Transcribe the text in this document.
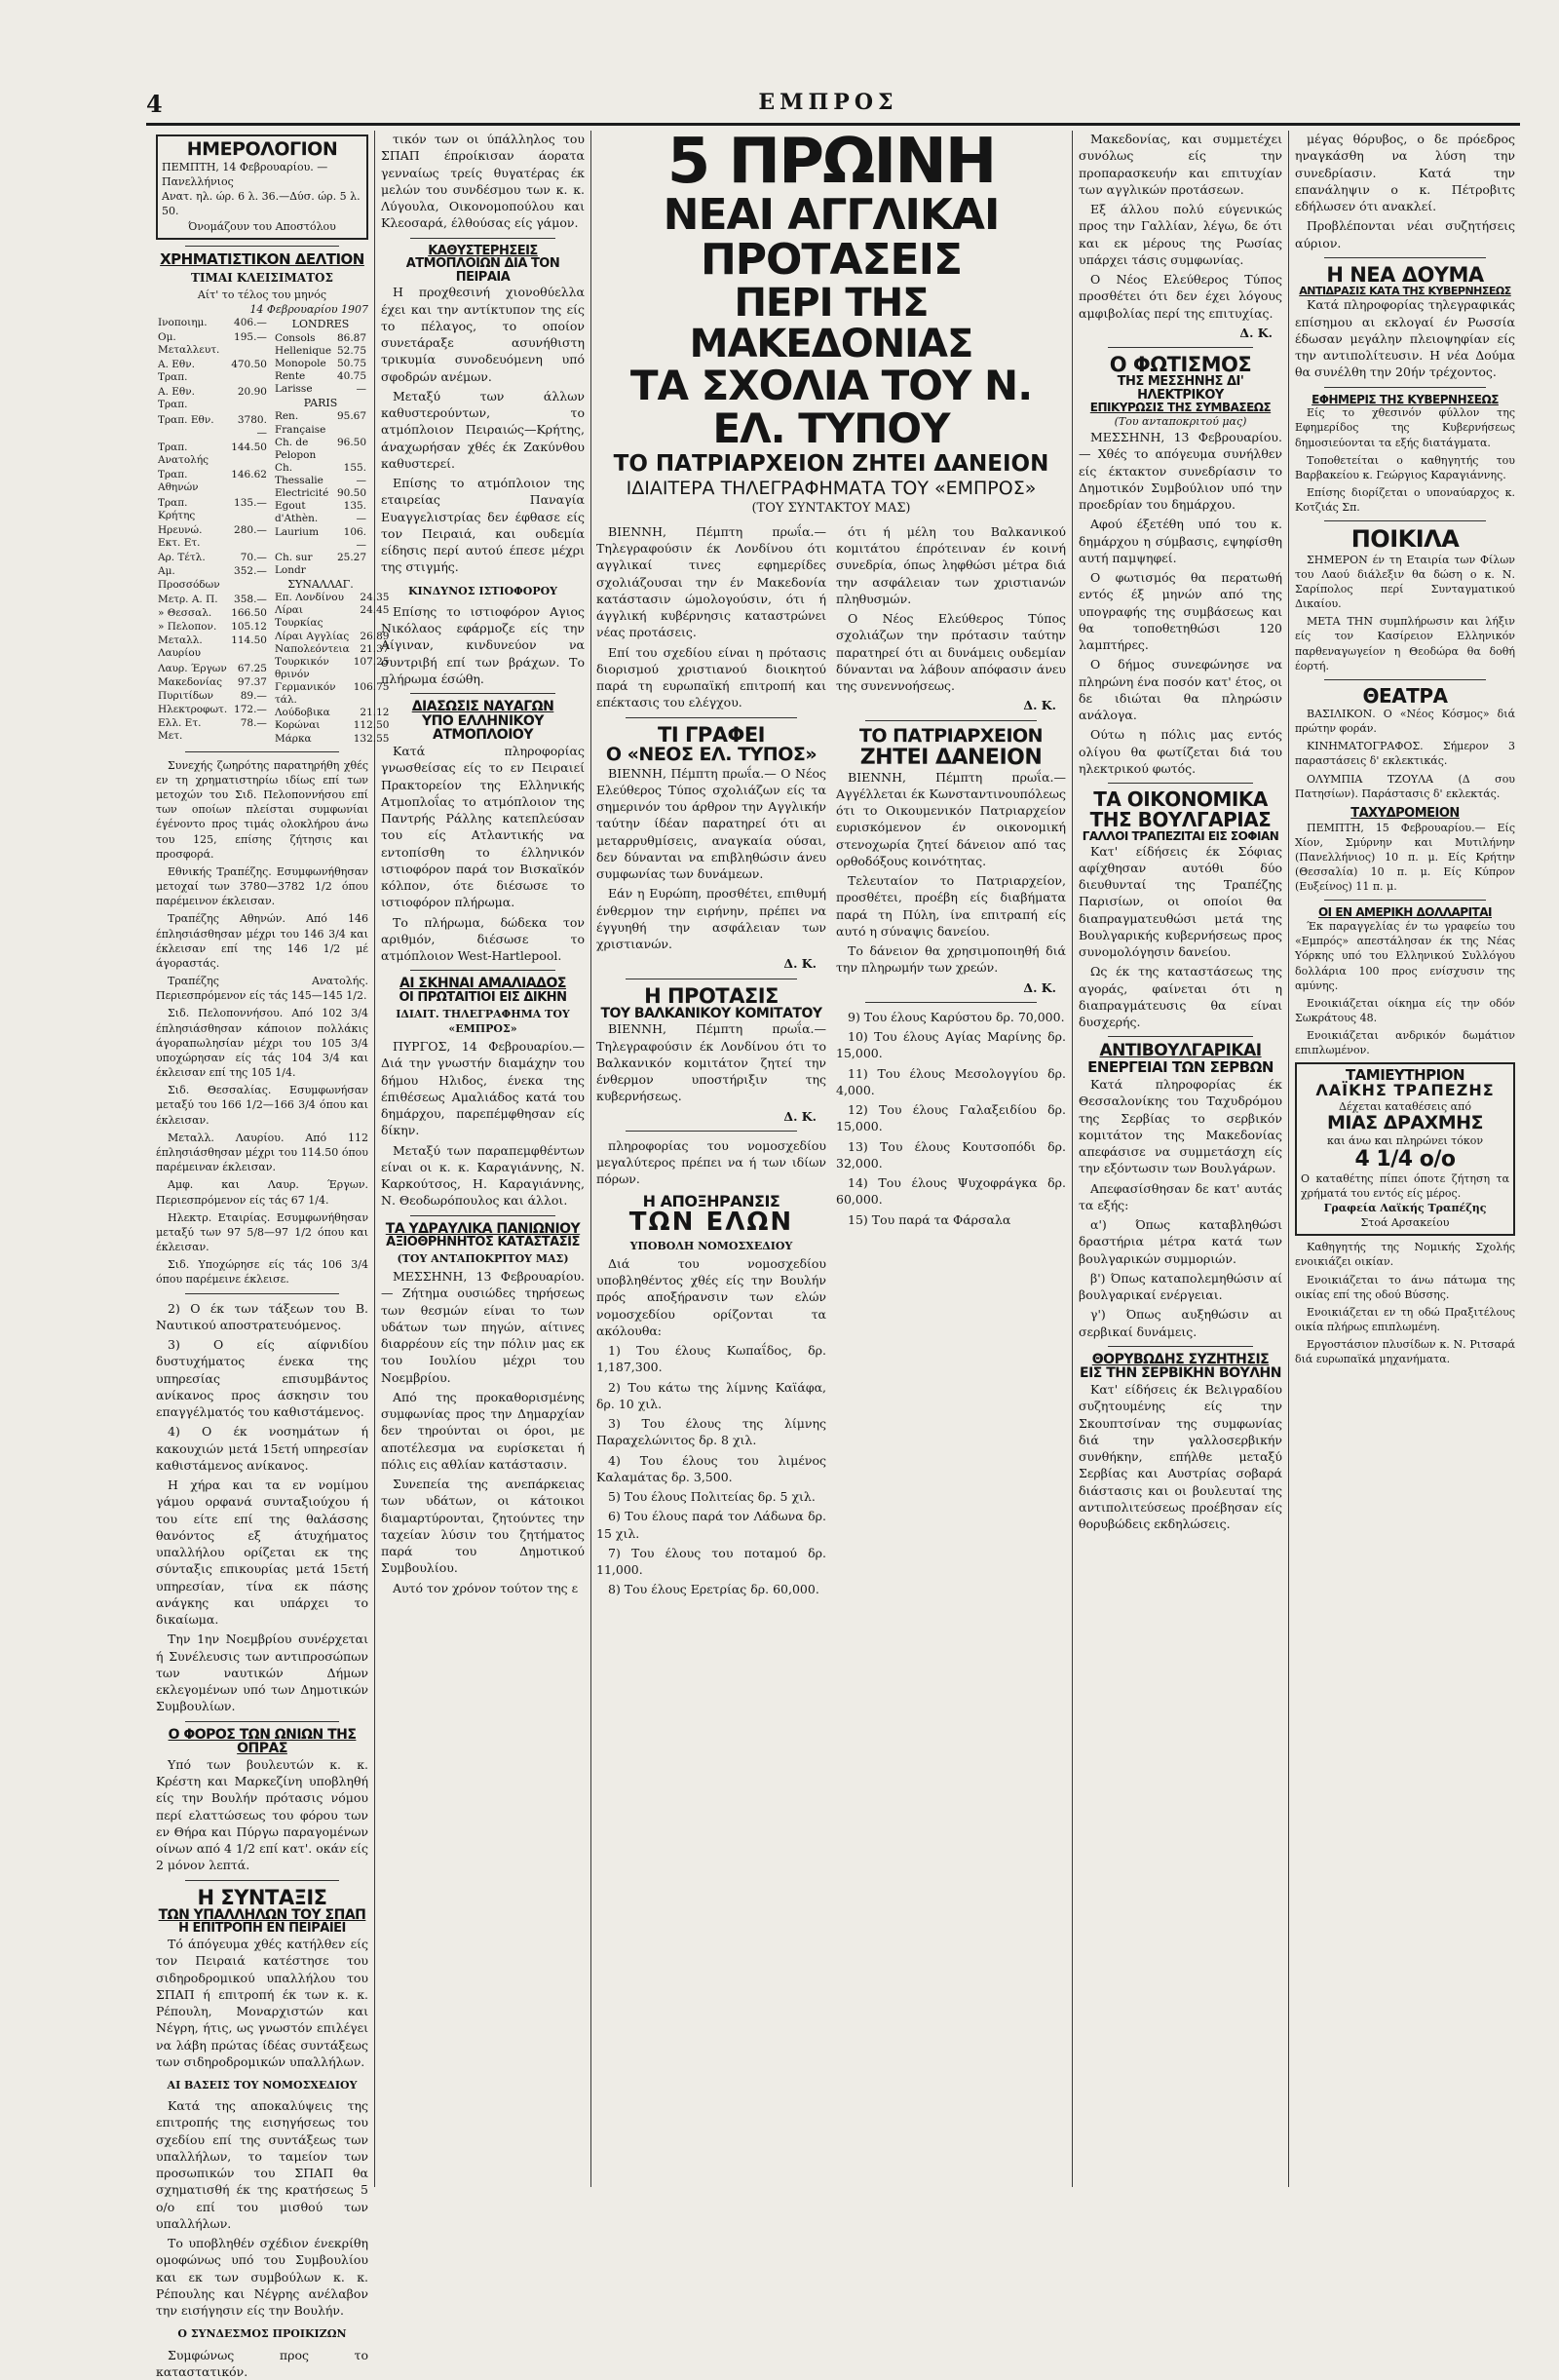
4	ΕΜΠΡΟΣ
ΗΜΕΡΟΛΟΓΙΟΝ
ΠΕΜΠΤΗ, 14 Φεβρουαρίου. — Πανελλήνιος
Ανατ. ηλ. ώρ. 6 λ. 36.—Δύσ. ώρ. 5 λ. 50.
Όνομάζουν του Αποστόλου
ΧΡΗΜΑΤΙΣΤΙΚΟΝ ΔΕΛΤΙΟΝ
ΤΙΜΑΙ ΚΛΕΙΣΙΜΑΤΟΣ
Αίτ' το τέλος του μηνός
14 Φεβρουαρίου 1907
Ινοποιημ.	406.—
Ομ. Μεταλλευτ.	195.—
Α. Εθν. Τραπ.	470.50
Α. Εθν. Τραπ.	20.90
Τραπ. Εθν.	3780.—
Τραπ. Ανατολής	144.50
Τραπ. Αθηνών	146.62
Τραπ. Κρήτης	135.—
Ηρευνώ. Εκτ. Ετ.	280.—
Αρ. Τέτλ.	70.—
Αμ. Προσσόδων	352.—
Μετρ. Α. Π.	358.—
» Θεσσαλ.	166.50
» Πελοπον.	105.12
Μεταλλ. Λαυρίου	114.50
Λαυρ. Έργων	67.25
Μακεδονίας	97.37
Πυριτίδων	89.—
Ηλεκτροφωτ.	172.—
Ελλ. Ετ. Μετ.	78.—
LONDRES
Consols	86.87
Hellenique	52.75
Monopole	50.75
Rente	40.75
Larisse	—
PARIS
Ren. Française	95.67
Ch. de Pelopon	96.50
Ch. Thessalie	155.—
Electricité	90.50
Egout d'Athèn.	135.—
Laurium	106.—
Ch. sur Londr	25.27
ΣΥΝΑΛΛΑΓ.
Επ. Λονδίνου	24.35
Λίραι Τουρκίας	24.45
Λίραι Αγγλίας	26.89
Ναπολεόντεια	21.37
Τουρκικόν θρινόν	107.25
Γερμανικόν τάλ.	106.75
Λούδοβικα	21.12
Κορώναι	112.50
Μάρκα	132.55

Συνεχής ζωηρότης παρατηρήθη χθές εν τη χρηματιστηρίω ιδίως επί των μετοχών του Σιδ. Πελοποννήσου επί των οποίων πλείσται συμφωνίαι έγένοντο προς τιμάς ολοκλήρου άνω του 125, επίσης ζήτησις και προσφορά.

Εθνικής Τραπέζης. Εσυμφωνήθησαν μετοχαί των 3780—3782 1/2 όπου παρέμεινον έκλεισαν.

Τραπέζης Αθηνών. Από 146 έπλησιάσθησαν μέχρι του 146 3/4 και έκλεισαν επί της 146 1/2 μέ άγοραστάς.

Τραπέζης Ανατολής. Περιεσπρόμενον είς τάς 145—145 1/2.

Σιδ. Πελοποννήσου. Από 102 3/4 έπλησιάσθησαν κάποιον πολλάκις άγοραπωλησίαν μέχρι του 105 3/4 υποχώρησαν είς τάς 104 3/4 και έκλεισαν επί της 105 1/4.

Σιδ. Θεσσαλίας. Εσυμφωνήσαν μεταξύ του 166 1/2—166 3/4 όπου και έκλεισαν.

Μεταλλ. Λαυρίου. Από 112 έπλησιάσθησαν μέχρι του 114.50 όπου παρέμειναν έκλεισαν.

Αμφ. και Λαυρ. Έργων. Περιεσπρόμενον είς τάς 67 1/4.

Ηλεκτρ. Εταιρίας. Εσυμφωνήθησαν μεταξύ των 97 5/8—97 1/2 όπου και έκλεισαν.

Σιδ. Υποχώρησε είς τάς 106 3/4 όπου παρέμεινε έκλεισε.

2) Ο έκ των τάξεων του Β. Ναυτικού αποστρατευόμενος.

3) Ο είς αίφνιδίου δυστυχήματος ένεκα της υπηρεσίας επισυμβάντος ανίκανος προς άσκησιν του επαγγέλματός του καθιστάμενος.

4) Ο έκ νοσημάτων ή κακουχιών μετά 15ετή υπηρεσίαν καθιστάμενος ανίκανος.

Η χήρα και τα εν νομίμου γάμου ορφανά συνταξιούχου ή του είτε επί της θαλάσσης θανόντος εξ άτυχήματος υπαλλήλου ορίζεται εκ της σύνταξις επικουρίας μετά 15ετή υπηρεσίαν, τίνα εκ πάσης ανάγκης και υπάρχει το δικαίωμα.

Την 1ην Νοεμβρίου συνέρχεται ή Συνέλευσις των αντιπροσώπων των ναυτικών Δήμων εκλεγομένων υπό των Δημοτικών Συμβουλίων.

Ο ΦΟΡΟΣ ΤΩΝ ΩΝΙΩΝ ΤΗΣ ΟΠΡΑΣ

Υπό των βουλευτών κ. κ. Κρέστη και Μαρκεζίνη υποβληθή είς την Βουλήν πρότασις νόμου περί ελαττώσεως του φόρου των εν Θήρα και Πύργω παραγομένων οίνων από 4 1/2 επί κατ'. οκάν είς 2 μόνον λεπτά.

Η ΣΥΝΤΑΞΙΣ
ΤΩΝ ΥΠΑΛΛΗΛΩΝ ΤΟΥ ΣΠΑΠ
Η ΕΠΙΤΡΟΠΗ ΕΝ ΠΕΙΡΑΙΕΙ

Τό άπόγευμα χθές κατήλθεν είς τον Πειραιά κατέστησε του σιδηροδρομικού υπαλλήλου του ΣΠΑΠ ή επιτροπή έκ των κ. κ. Ρέπουλη, Μοναρχιστών και Νέγρη, ήτις, ως γνωστόν επιλέγει να λάβη πρώτας ίδέας συντάξεως των σιδηροδρομικών υπαλλήλων.

ΑΙ ΒΑΣΕΙΣ ΤΟΥ ΝΟΜΟΣΧΕΔΙΟΥ

Κατά της αποκαλύψεις της επιτροπής της εισηγήσεως του σχεδίου επί της συντάξεως των υπαλλήλων, το ταμείον των προσωπικών του ΣΠΑΠ θα σχηματισθή έκ της κρατήσεως 5 ο/ο επί του μισθού των υπαλλήλων.

Το υποβληθέν σχέδιον ένεκρίθη ομοφώνως υπό του Συμβουλίου και εκ των συμβούλων κ. κ. Ρέπουλης και Νέγρης ανέλαβον την εισήγησιν είς την Βουλήν.

Ο ΣΥΝΔΕΣΜΟΣ ΠΡΟΙΚΙΖΩΝ

Συμφώνως προς το καταστατικόν.

τικόν των οι ύπάλληλος του ΣΠΑΠ έπροίκισαν άορατα γενναίως τρείς θυγατέρας έκ μελών του συνδέσμου των κ. κ. Λύγουλα, Οικονομοπούλου και Κλεοσαρά, έλθούσας είς γάμον.

ΚΑΘΥΣΤΕΡΗΣΕΙΣ
ΑΤΜΟΠΛΟΙΩΝ ΔΙΑ ΤΟΝ ΠΕΙΡΑΙΑ

Η προχθεσινή χιονοθύελλα έχει και την αντίκτυπον της είς το πέλαγος, το οποίον συνετάραξε ασυνήθιστη τρικυμία συνοδευόμενη υπό σφοδρών ανέμων.

Μεταξύ των άλλων καθυστερούντων, το ατμόπλοιον Πειραιώς—Κρήτης, άναχωρήσαν χθές έκ Ζακύνθου καθυστερεί.

Επίσης το ατμόπλοιον της εταιρείας Παναγία Ευαγγελιστρίας δεν έφθασε είς τον Πειραιά, και ουδεμία είδησις περί αυτού έπεσε μέχρι της στιγμής.

ΚΙΝΔΥΝΟΣ ΙΣΤΙΟΦΟΡΟΥ

Επίσης το ιστιοφόρον Αγιος Νικόλαος εφάρμοζε είς την Αίγιναν, κινδυνεύον να συντριβή επί των βράχων. Το πλήρωμα έσώθη.

ΔΙΑΣΩΣΙΣ ΝΑΥΑΓΩΝ
ΥΠΟ ΕΛΛΗΝΙΚΟΥ ΑΤΜΟΠΛΟΙΟΥ

Κατά πληροφορίας γνωσθείσας είς το εν Πειραιεί Πρακτορείον της Ελληνικής Ατμοπλοΐας το ατμόπλοιον της Παντρής Ράλλης κατεπλεύσαν του είς Ατλαντικής να εντοπίσθη το έλληνικόν ιστιοφόρον παρά τον Βισκαϊκόν κόλπον, ότε διέσωσε το ιστιοφόρον πλήρωμα.

Το πλήρωμα, δώδεκα τον αριθμόν, διέσωσε το ατμόπλοιον West-Hartlepool.

ΑΙ ΣΚΗΝΑΙ ΑΜΑΛΙΑΔΟΣ
ΟΙ ΠΡΩΤΑΙΤΙΟΙ ΕΙΣ ΔΙΚΗΝ
ΙΔΙΑΙΤ. ΤΗΛΕΓΡΑΦΗΜΑ ΤΟΥ «ΕΜΠΡΟΣ»

ΠΥΡΓΟΣ, 14 Φεβρουαρίου.— Διά την γνωστήν διαμάχην του δήμου Ηλιδος, ένεκα της έπιθέσεως Αμαλιάδος κατά του δημάρχου, παρεπέμφθησαν είς δίκην.

Μεταξύ των παραπεμφθέντων είναι οι κ. κ. Καραγιάννης, Ν. Καρκούτσος, Η. Καραγιάννης, Ν. Θεοδωρόπουλος και άλλοι.

ΤΑ ΥΔΡΑΥΛΙΚΑ ΠΑΝΙΩΝΙΟΥ
ΑΞΙΟΘΡΗΝΗΤΟΣ ΚΑΤΑΣΤΑΣΙΣ
(ΤΟΥ ΑΝΤΑΠΟΚΡΙΤΟΥ ΜΑΣ)

ΜΕΣΣΗΝΗ, 13 Φεβρουαρίου.— Ζήτημα ουσιώδες τηρήσεως των θεσμών είναι το των υδάτων των πηγών, αίτινες διαρρέουν είς την πόλιν μας εκ του Ιουλίου μέχρι του Νοεμβρίου.

Από της προκαθορισμένης συμφωνίας προς την Δημαρχίαν δεν τηρούνται οι όροι, με αποτέλεσμα να ευρίσκεται ή πόλις εις αθλίαν κατάστασιν.

Συνεπεία της ανεπάρκειας των υδάτων, οι κάτοικοι διαμαρτύρονται, ζητούντες την ταχείαν λύσιν του ζητήματος παρά του Δημοτικού Συμβουλίου.

Αυτό τον χρόνον τούτον της ε

5 ΠΡΩΙΝΗ
ΝΕΑΙ ΑΓΓΛΙΚΑΙ ΠΡΟΤΑΣΕΙΣ
ΠΕΡΙ ΤΗΣ ΜΑΚΕΔΟΝΙΑΣ
ΤΑ ΣΧΟΛΙΑ ΤΟΥ Ν. ΕΛ. ΤΥΠΟΥ
ΤΟ ΠΑΤΡΙΑΡΧΕΙΟΝ ΖΗΤΕΙ ΔΑΝΕΙΟΝ
ΙΔΙΑΙΤΕΡΑ ΤΗΛΕΓΡΑΦΗΜΑΤΑ ΤΟΥ «ΕΜΠΡΟΣ»
(ΤΟΥ ΣΥΝΤΑΚΤΟΥ ΜΑΣ)

ΒΙΕΝΝΗ, Πέμπτη πρωΐα.— Τηλεγραφούσιν έκ Λονδίνου ότι αγγλικαί τινες εφημερίδες σχολιάζουσαι την έν Μακεδονία κατάστασιν ώμολογούσιν, ότι ή άγγλική κυβέρνησις καταστρώνει νέας προτάσεις.

Επί του σχεδίου είναι η πρότασις διορισμού χριστιανού διοικητού παρά τη ευρωπαϊκή επιτροπή και επέκτασις του ελέγχου.

ΤΙ ΓΡΑΦΕΙ
Ο «ΝΕΟΣ ΕΛ. ΤΥΠΟΣ»

ΒΙΕΝΝΗ, Πέμπτη πρωΐα.— Ο Νέος Ελεύθερος Τύπος σχολιάζων είς τα σημερινόν του άρθρον την Αγγλικήν ταύτην ίδέαν παρατηρεί ότι αι μεταρρυθμίσεις, αναγκαία ούσαι, δεν δύνανται να επιβληθώσιν άνευ συμφωνίας των δυνάμεων.

Εάν η Ευρώπη, προσθέτει, επιθυμή ένθερμον την ειρήνην, πρέπει να έγγυηθή την ασφάλειαν των χριστιανών.

Δ. Κ.
Η ΠΡΟΤΑΣΙΣ
ΤΟΥ ΒΑΛΚΑΝΙΚΟΥ ΚΟΜΙΤΑΤΟΥ

ΒΙΕΝΝΗ, Πέμπτη πρωΐα.— Τηλεγραφούσιν έκ Λονδίνου ότι το Βαλκανικόν κομιτάτον ζητεί την ένθερμον υποστήριξιν της κυβερνήσεως.

Δ. Κ.

πληροφορίας του νομοσχεδίου μεγαλύτερος πρέπει να ή των ιδίων πόρων.

Η ΑΠΟΞΗΡΑΝΣΙΣ
ΤΩΝ ΕΛΩΝ
ΥΠΟΒΟΛΗ ΝΟΜΟΣΧΕΔΙΟΥ

Διά του νομοσχεδίου υποβληθέντος χθές είς την Βουλήν πρός αποξήρανσιν των ελών νομοσχεδίου ορίζονται τα ακόλουθα:

1) Του έλους Κωπαΐδος, δρ. 1,187,300.

2) Του κάτω της λίμνης Καϊάφα, δρ. 10 χιλ.

3) Του έλους της λίμνης Παραχελώνιτος δρ. 8 χιλ.

4) Του έλους του λιμένος Καλαμάτας δρ. 3,500.

5) Του έλους Πολιτείας δρ. 5 χιλ.

6) Του έλους παρά τον Λάδωνα δρ. 15 χιλ.

7) Του έλους του ποταμού δρ. 11,000.

8) Του έλους Ερετρίας δρ. 60,000.

ότι ή μέλη του Βαλκανικού κομιτάτου έπρότειναν έν κοινή συνεδρία, όπως ληφθώσι μέτρα διά την ασφάλειαν των χριστιανών πληθυσμών.

Ο Νέος Ελεύθερος Τύπος σχολιάζων την πρότασιν ταύτην παρατηρεί ότι αι δυνάμεις ουδεμίαν δύνανται να λάβουν απόφασιν άνευ της συνεννοήσεως.

Δ. Κ.
ΤΟ ΠΑΤΡΙΑΡΧΕΙΟΝ
ΖΗΤΕΙ ΔΑΝΕΙΟΝ

ΒΙΕΝΝΗ, Πέμπτη πρωΐα.— Αγγέλλεται έκ Κωνσταντινουπόλεως ότι το Οικουμενικόν Πατριαρχείον ευρισκόμενον έν οικονομική στενοχωρία ζητεί δάνειον από τας ορθοδόξους κοινότητας.

Τελευταίον το Πατριαρχείον, προσθέτει, προέβη είς διαβήματα παρά τη Πύλη, ίνα επιτραπή είς αυτό η σύναψις δανείου.

Το δάνειον θα χρησιμοποιηθή διά την πληρωμήν των χρεών.

Δ. Κ.

9) Του έλους Καρύστου δρ. 70,000.

10) Του έλους Αγίας Μαρίνης δρ. 15,000.

11) Του έλους Μεσολογγίου δρ. 4,000.

12) Του έλους Γαλαξειδίου δρ. 15,000.

13) Του έλους Κουτσοπόδι δρ. 32,000.

14) Του έλους Ψυχοφράγκα δρ. 60,000.

15) Του παρά τα Φάρσαλα

Μακεδονίας, και συμμετέχει συνόλως είς την προπαρασκευήν και επιτυχίαν των αγγλικών προτάσεων.

Εξ άλλου πολύ εύγενικώς προς την Γαλλίαν, λέγω, δε ότι και εκ μέρους της Ρωσίας υπάρχει τάσις συμφωνίας.

Ο Νέος Ελεύθερος Τύπος προσθέτει ότι δεν έχει λόγους αμφιβολίας περί της επιτυχίας.

Δ. Κ.
Ο ΦΩΤΙΣΜΟΣ
ΤΗΣ ΜΕΣΣΗΝΗΣ ΔΙ' ΗΛΕΚΤΡΙΚΟΥ
ΕΠΙΚΥΡΩΣΙΣ ΤΗΣ ΣΥΜΒΑΣΕΩΣ
(Του ανταποκριτού μας)

ΜΕΣΣΗΝΗ, 13 Φεβρουαρίου.— Χθές το απόγευμα συνήλθεν είς έκτακτον συνεδρίασιν το Δημοτικόν Συμβούλιον υπό την προεδρίαν του δημάρχου.

Αφού έξετέθη υπό του κ. δημάρχου η σύμβασις, εψηφίσθη αυτή παμψηφεί.

Ο φωτισμός θα περατωθή εντός έξ μηνών από της υπογραφής της συμβάσεως και θα τοποθετηθώσι 120 λαμπτήρες.

Ο δήμος συνεφώνησε να πληρώνη ένα ποσόν κατ' έτος, οι δε ιδιώται θα πληρώσιν ανάλογα.

Ούτω η πόλις μας εντός ολίγου θα φωτίζεται διά του ηλεκτρικού φωτός.

ΤΑ ΟΙΚΟΝΟΜΙΚΑ
ΤΗΣ ΒΟΥΛΓΑΡΙΑΣ
ΓΑΛΛΟΙ ΤΡΑΠΕΖΙΤΑΙ ΕΙΣ ΣΟΦΙΑΝ

Κατ' είδήσεις έκ Σόφιας αφίχθησαν αυτόθι δύο διευθυνταί της Τραπέζης Παρισίων, οι οποίοι θα διαπραγματευθώσι μετά της Βουλγαρικής κυβερνήσεως προς συνομολόγησιν δανείου.

Ως έκ της καταστάσεως της αγοράς, φαίνεται ότι η διαπραγμάτευσις θα είναι δυσχερής.

ΑΝΤΙΒΟΥΛΓΑΡΙΚΑΙ
ΕΝΕΡΓΕΙΑΙ ΤΩΝ ΣΕΡΒΩΝ

Κατά πληροφορίας έκ Θεσσαλονίκης του Ταχυδρόμου της Σερβίας το σερβικόν κομιτάτον της Μακεδονίας απεφάσισε να συμμετάσχη είς την εξόντωσιν των Βουλγάρων.

Απεφασίσθησαν δε κατ' αυτάς τα εξής:

α') Όπως καταβληθώσι δραστήρια μέτρα κατά των βουλγαρικών συμμοριών.

β') Όπως καταπολεμηθώσιν αί βουλγαρικαί ενέργειαι.

γ') Όπως αυξηθώσιν αι σερβικαί δυνάμεις.

ΘΟΡΥΒΩΔΗΣ ΣΥΖΗΤΗΣΙΣ
ΕΙΣ ΤΗΝ ΣΕΡΒΙΚΗΝ ΒΟΥΛΗΝ

Κατ' είδήσεις έκ Βελιγραδίου συζητουμένης είς την Σκουπτσίναν της συμφωνίας διά την γαλλοσερβικήν συνθήκην, επήλθε μεταξύ Σερβίας και Αυστρίας σοβαρά διάστασις και οι βουλευταί της αντιπολιτεύσεως προέβησαν είς θορυβώδεις εκδηλώσεις.

μέγας θόρυβος, ο δε πρόεδρος ηναγκάσθη να λύση την συνεδρίασιν. Κατά την επανάληψιν ο κ. Πέτροβιτς εδήλωσεν ότι ανακλεί.

Προβλέπονται νέαι συζητήσεις αύριον.

Η ΝΕΑ ΔΟΥΜΑ
ΑΝΤΙΔΡΑΣΙΣ ΚΑΤΑ ΤΗΣ ΚΥΒΕΡΝΗΣΕΩΣ

Κατά πληροφορίας τηλεγραφικάς επίσημου αι εκλογαί έν Ρωσσία έδωσαν μεγάλην πλειοψηφίαν είς την αντιπολίτευσιν. Η νέα Δούμα θα συνέλθη την 20ήν τρέχοντος.

ΕΦΗΜΕΡΙΣ ΤΗΣ ΚΥΒΕΡΝΗΣΕΩΣ

Είς το χθεσινόν φύλλον της Εφημερίδος της Κυβερνήσεως δημοσιεύονται τα εξής διατάγματα.

Τοποθετείται ο καθηγητής του Βαρβακείου κ. Γεώργιος Καραγιάννης.

Επίσης διορίζεται ο υποναύαρχος κ. Κοτζιάς Σπ.

ΠΟΙΚΙΛΑ

ΣΗΜΕΡΟΝ έν τη Εταιρία των Φίλων του Λαού διάλεξιν θα δώση ο κ. Ν. Σαρίπολος περί Συνταγματικού Δικαίου.

ΜΕΤΑ ΤΗΝ συμπλήρωσιν και λήξιν είς τον Κασίρειον Ελληνικόν παρθεναγωγείον η Θεοδώρα θα δοθή έορτή.

ΘΕΑΤΡΑ

ΒΑΣΙΛΙΚΟΝ. Ο «Νέος Κόσμος» διά πρώτην φοράν.

ΚΙΝΗΜΑΤΟΓΡΑΦΟΣ. Σήμερον 3 παραστάσεις δ' εκλεκτικάς.

ΟΛΥΜΠΙΑ ΤΖΟΥΛΑ (Δ σου Πατησίων). Παράστασις δ' εκλεκτάς.

ΤΑΧΥΔΡΟΜΕΙΟΝ

ΠΕΜΠΤΗ, 15 Φεβρουαρίου.— Είς Χίον, Σμύρνην και Μυτιλήνην (Πανελλήνιος) 10 π. μ. Είς Κρήτην (Θεσσαλία) 10 π. μ. Είς Κύπρον (Ευξείνος) 11 π. μ.

ΟΙ ΕΝ ΑΜΕΡΙΚΗ ΔΟΛΛΑΡΙΤΑΙ

Έκ παραγγελίας έν τω γραφείω του «Εμπρός» απεστάλησαν έκ της Νέας Υόρκης υπό του Ελληνικού Συλλόγου δολλάρια 100 προς ενίσχυσιν της αμύνης.

Ενοικιάζεται οίκημα είς την οδόν Σωκράτους 48.

Ενοικιάζεται ανδρικόν δωμάτιον επιπλωμένον.

ΤΑΜΙΕΥΤΗΡΙΟΝ
ΛΑΪΚΗΣ ΤΡΑΠΕΖΗΣ
Δέχεται καταθέσεις από
ΜΙΑΣ ΔΡΑΧΜΗΣ
και άνω και πληρώνει τόκον
4 1/4 ο/ο
Ο καταθέτης πίπει όποτε ζήτηση τα χρήματά του εντός είς μέρος.
Γραφεία Λαϊκής Τραπέζης
Στοά Αρσακείου

Καθηγητής της Νομικής Σχολής ενοικιάζει οικίαν.

Ενοικιάζεται το άνω πάτωμα της οικίας επί της οδού Βύσσης.

Ενοικιάζεται εν τη οδώ Πραξιτέλους οικία πλήρως επιπλωμένη.

Εργοστάσιον πλυσίδων κ. Ν. Ριτσαρά διά ευρωπαϊκά μηχανήματα.
